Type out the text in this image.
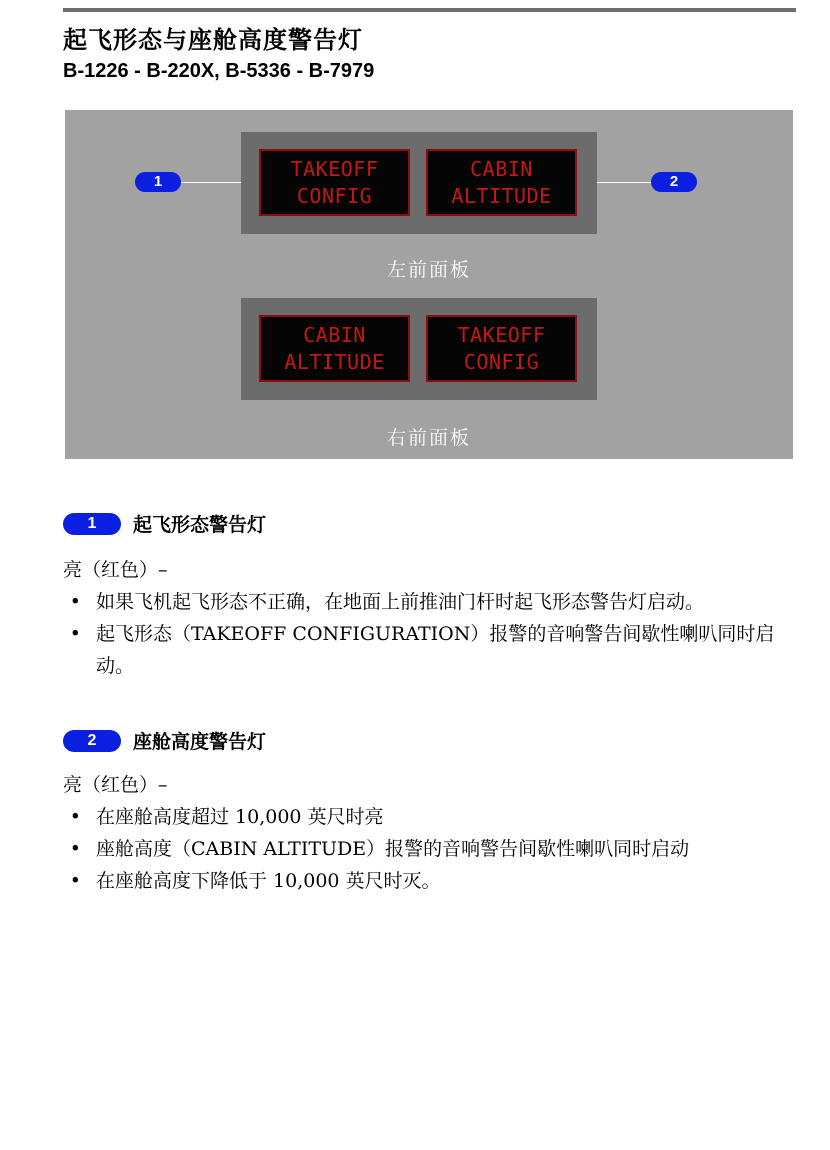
起飞形态与座舱高度警告灯
B-1226 - B-220X, B-5336 - B-7979
1	2
TAKEOFF
CONFIG
CABIN
ALTITUDE
左前面板
CABIN
ALTITUDE
TAKEOFF
CONFIG
右前面板
1	起飞形态警告灯
亮（红色）–
• 如果飞机起飞形态不正确，在地面上前推油门杆时起飞形态警告灯启动。
• 起飞形态（TAKEOFF CONFIGURATION）报警的音响警告间歇性喇叭同时启动。
2	座舱高度警告灯
亮（红色）–
• 在座舱高度超过 10,000 英尺时亮
• 座舱高度（CABIN ALTITUDE）报警的音响警告间歇性喇叭同时启动
• 在座舱高度下降低于 10,000 英尺时灭。
